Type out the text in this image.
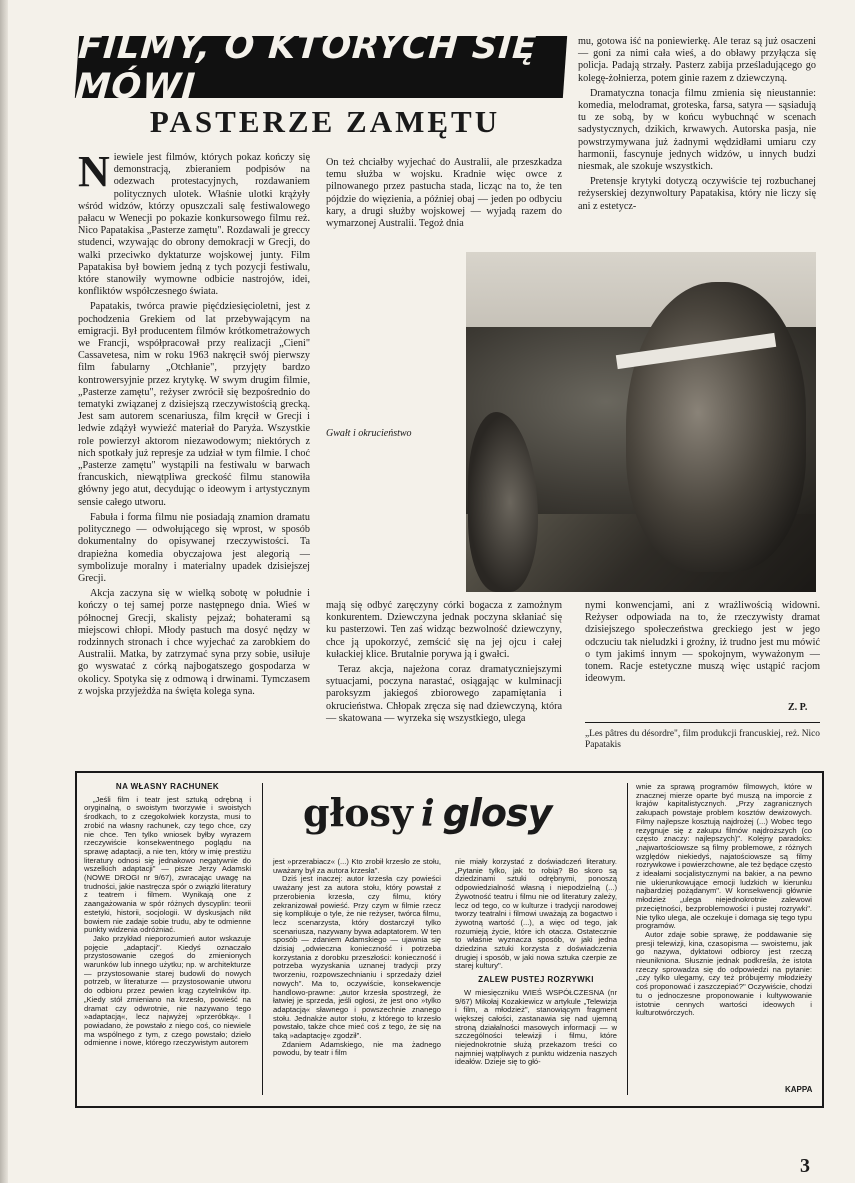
FILMY, O KTÓRYCH SIĘ MÓWI
PASTERZE ZAMĘTU

Niewiele jest filmów, których pokaz kończy się demonstracją, zbieraniem podpisów na odezwach protestacyjnych, rozdawaniem politycznych ulotek. Właśnie ulotki krążyły wśród widzów, którzy opuszczali salę festiwalowego pałacu w Wenecji po pokazie konkursowego filmu reż. Nico Papatakisa „Pasterze zamętu". Rozdawali je greccy studenci, wzywając do obrony demokracji w Grecji, do walki przeciwko dyktaturze wojskowej junty. Film Papatakisa był bowiem jedną z tych pozycji festiwalu, które stanowiły wymowne odbicie nastrojów, idei, konfliktów współczesnego świata.

Papatakis, twórca prawie pięćdziesięcioletni, jest z pochodzenia Grekiem od lat przebywającym na emigracji. Był producentem filmów krótkometrażowych we Francji, współpracował przy realizacji „Cieni" Cassavetesa, nim w roku 1963 nakręcił swój pierwszy film fabularny „Otchłanie", przyjęty bardzo kontrowersyjnie przez krytykę. W swym drugim filmie, „Pasterze zamętu", reżyser zwrócił się bezpośrednio do tematyki związanej z dzisiejszą rzeczywistością grecką. Jest sam autorem scenariusza, film kręcił w Grecji i ledwie zdążył wywieźć materiał do Paryża. Wszystkie role powierzył aktorom niezawodowym; niektórych z nich spotkały już represje za udział w tym filmie. I choć „Pasterze zamętu" wystąpili na festiwalu w barwach francuskich, niewątpliwa greckość filmu stanowiła główny jego atut, decydując o ideowym i artystycznym sensie całego utworu.

Fabuła i forma filmu nie posiadają znamion dramatu politycznego — odwołującego się wprost, w sposób dokumentalny do opisywanej rzeczywistości. Ta drapieżna komedia obyczajowa jest alegorią — symbolizuje moralny i materialny upadek dzisiejszej Grecji.

Akcja zaczyna się w wielką sobotę w południe i kończy o tej samej porze następnego dnia. Wieś w północnej Grecji, skalisty pejzaż; bohaterami są miejscowi chłopi. Młody pastuch ma dosyć nędzy w rodzinnych stronach i chce wyjechać za zarobkiem do Australii. Matka, by zatrzymać syna przy sobie, usiłuje go wyswatać z córką najbogatszego gospodarza w okolicy. Spotyka się z odmową i drwinami. Tymczasem z wojska przyjeżdża na święta kolega syna.

On też chciałby wyjechać do Australii, ale przeszkadza temu służba w wojsku. Kradnie więc owce z pilnowanego przez pastucha stada, licząc na to, że ten pójdzie do więzienia, a później obaj — jeden po odbyciu kary, a drugi służby wojskowej — wyjadą razem do wymarzonej Australii. Tegoż dnia

mu, gotowa iść na poniewierkę. Ale teraz są już osaczeni — goni za nimi cała wieś, a do obławy przyłącza się policja. Padają strzały. Pasterz zabija prześladującego go kolegę-żołnierza, potem ginie razem z dziewczyną.

Dramatyczna tonacja filmu zmienia się nieustannie: komedia, melodramat, groteska, farsa, satyra — sąsiadują tu ze sobą, by w końcu wybuchnąć w scenach sadystycznych, dzikich, krwawych. Autorska pasja, nie powstrzymywana już żadnymi wędzidłami umiaru czy harmonii, fascynuje jednych widzów, u innych budzi niesmak, ale szokuje wszystkich.

Pretensje krytyki dotyczą oczywiście tej rozbuchanej reżyserskiej dezynwoltury Papatakisa, który nie liczy się ani z estetycz-

Gwałt i okrucieństwo

mają się odbyć zaręczyny córki bogacza z zamożnym konkurentem. Dziewczyna jednak poczyna skłaniać się ku pasterzowi. Ten zaś widząc bezwolność dziewczyny, chce ją upokorzyć, zemścić się na jej ojcu i całej kułackiej klice. Brutalnie porywa ją i gwałci.

Teraz akcja, najeżona coraz dramatyczniejszymi sytuacjami, poczyna narastać, osiągając w kulminacji paroksyzm jakiegoś zbiorowego zapamiętania i okrucieństwa. Chłopak zręcza się nad dziewczyną, która — skatowana — wyrzeka się wszystkiego, ulega

nymi konwencjami, ani z wrażliwością widowni. Reżyser odpowiada na to, że rzeczywisty dramat dzisiejszego społeczeństwa greckiego jest w jego odczuciu tak nieludzki i groźny, iż trudno jest mu mówić o tym jakimś innym — spokojnym, wyważonym — tonem. Racje estetyczne muszą więc ustąpić racjom ideowym.

Z. P.
„Les pâtres du désordre", film produkcji francuskiej, reż. Nico Papatakis
NA WŁASNY RACHUNEK

„Jeśli film i teatr jest sztuką odrębną i oryginalną, o swoistym tworzywie i swoistych środkach, to z czegokolwiek korzysta, musi to zrobić na własny rachunek, czy tego chce, czy nie chce. Ten tylko wniosek byłby wyrazem rzeczywiście konsekwentnego poglądu na sprawę adaptacji, a nie ten, który w imię prestiżu literatury odnosi się jednakowo negatywnie do wszelkich adaptacji" — pisze Jerzy Adamski (NOWE DROGI nr 9/67), zwracając uwagę na trudności, jakie nastręcza spór o związki literatury z teatrem i filmem. Wynikają one z zaangażowania w spór różnych dyscyplin: teorii estetyki, historii, socjologii. W dyskusjach nikt bowiem nie zadaje sobie trudu, aby te odmienne punkty widzenia odróżniać.

Jako przykład nieporozumień autor wskazuje pojęcie „adaptacji". Kiedyś oznaczało przystosowanie czegoś do zmienionych warunków lub innego użytku; np. w architekturze — przystosowanie starej budowli do nowych potrzeb, w literaturze — przystosowanie utworu do odbioru przez pewien krąg czytelników itp. „Kiedy stół zmieniano na krzesło, powieść na dramat czy odwrotnie, nie nazywano tego »adaptacją«, lecz najwyżej »przeróbką«. I powiadano, że powstało z niego coś, co niewiele ma wspólnego z tym, z czego powstało; dzieło odmienne i nowe, którego rzeczywistym autorem

głosy i glosy

jest »przerabiacz« (...) Kto zrobił krzesło ze stołu, uważany był za autora krzesła".

Dziś jest inaczej: autor krzesła czy powieści uważany jest za autora stołu, który powstał z przerobienia krzesła, czy filmu, który zekranizował powieść. Przy czym w filmie rzecz się komplikuje o tyle, że nie reżyser, twórca filmu, lecz scenarzysta, który dostarczył tylko scenariusza, nazywany bywa adaptatorem. W ten sposób — zdaniem Adamskiego — ujawnia się dzisiaj „odwieczna konieczność i potrzeba korzystania z dorobku przeszłości: konieczność i potrzeba wyzyskania uznanej tradycji przy tworzeniu, rozpowszechnianiu i sprzedaży dzieł nowych". Ma to, oczywiście, konsekwencje handlowo-prawne: „autor krzesła spostrzegł, że łatwiej je sprzeda, jeśli ogłosi, że jest ono »tylko adaptacją« sławnego i powszechnie znanego stołu. Jednakże autor stołu, z którego to krzesło powstało, także chce mieć coś z tego, że się na taką »adaptację« zgodził".

Zdaniem Adamskiego, nie ma żadnego powodu, by teatr i film

nie miały korzystać z doświadczeń literatury. „Pytanie tylko, jak to robią? Bo skoro są dziedzinami sztuki odrębnymi, ponoszą odpowiedzialność własną i niepodzielną (...) Żywotność teatru i filmu nie od literatury zależy, lecz od tego, co w kulturze i tradycji narodowej tworzy teatralni i filmowi uważają za bogactwo i żywotną wartość (...), a więc od tego, jak rozumieją życie, które ich otacza. Ostatecznie to właśnie wyznacza sposób, w jaki jedna dziedzina sztuki korzysta z doświadczenia drugiej i sposób, w jaki nowa sztuka czerpie ze starej kultury".

ZALEW PUSTEJ ROZRYWKI

W miesięczniku WIEŚ WSPÓŁCZESNA (nr 9/67) Mikołaj Kozakiewicz w artykule „Telewizja i film, a młodzież", stanowiącym fragment większej całości, zastanawia się nad ujemną stroną działalności masowych informacji — w szczególności telewizji i filmu, które niejednokrotnie służą przekazom treści co najmniej wątpliwych z punktu widzenia naszych ideałów. Dzieje się to głó-

wnie za sprawą programów filmowych, które w znacznej mierze oparte być muszą na imporcie z krajów kapitalistycznych. „Przy zagranicznych zakupach powstaje problem kosztów dewizowych. Filmy najlepsze kosztują najdrożej (...) Wobec tego rezygnuje się z zakupu filmów najdroższych (co często znaczy: najlepszych)". Kolejny paradoks: „najwartościowsze są filmy problemowe, z różnych względów niekiedyś, najatościowsze są filmy rozrywkowe i powierzchowne, ale też będące często z ideałami socjalistycznymi na bakier, a na pewno nie ukierunkowujące emocji ludzkich w kierunku najbardziej pożądanym". W konsekwencji głównie młodzież „ulega niejednokrotnie zalewowi przeciętności, bezproblemowości i pustej rozrywki". Nie tylko ulega, ale oczekuje i domaga się tego typu programów.

Autor zdaje sobie sprawę, że poddawanie się presji telewizji, kina, czasopisma — swoistemu, jak go nazywa, dyktatowi odbiorcy jest rzeczą nieunikniona. Słusznie jednak podkreśla, że istota rzeczy sprowadza się do odpowiedzi na pytanie: „czy tylko ulegamy, czy też próbujemy młodzieży coś proponować i zaszczepiać?" Oczywiście, chodzi tu o jednoczesne proponowanie i kultywowanie istotnie cennych wartości ideowych i kulturotwórczych.

KAPPA
3
